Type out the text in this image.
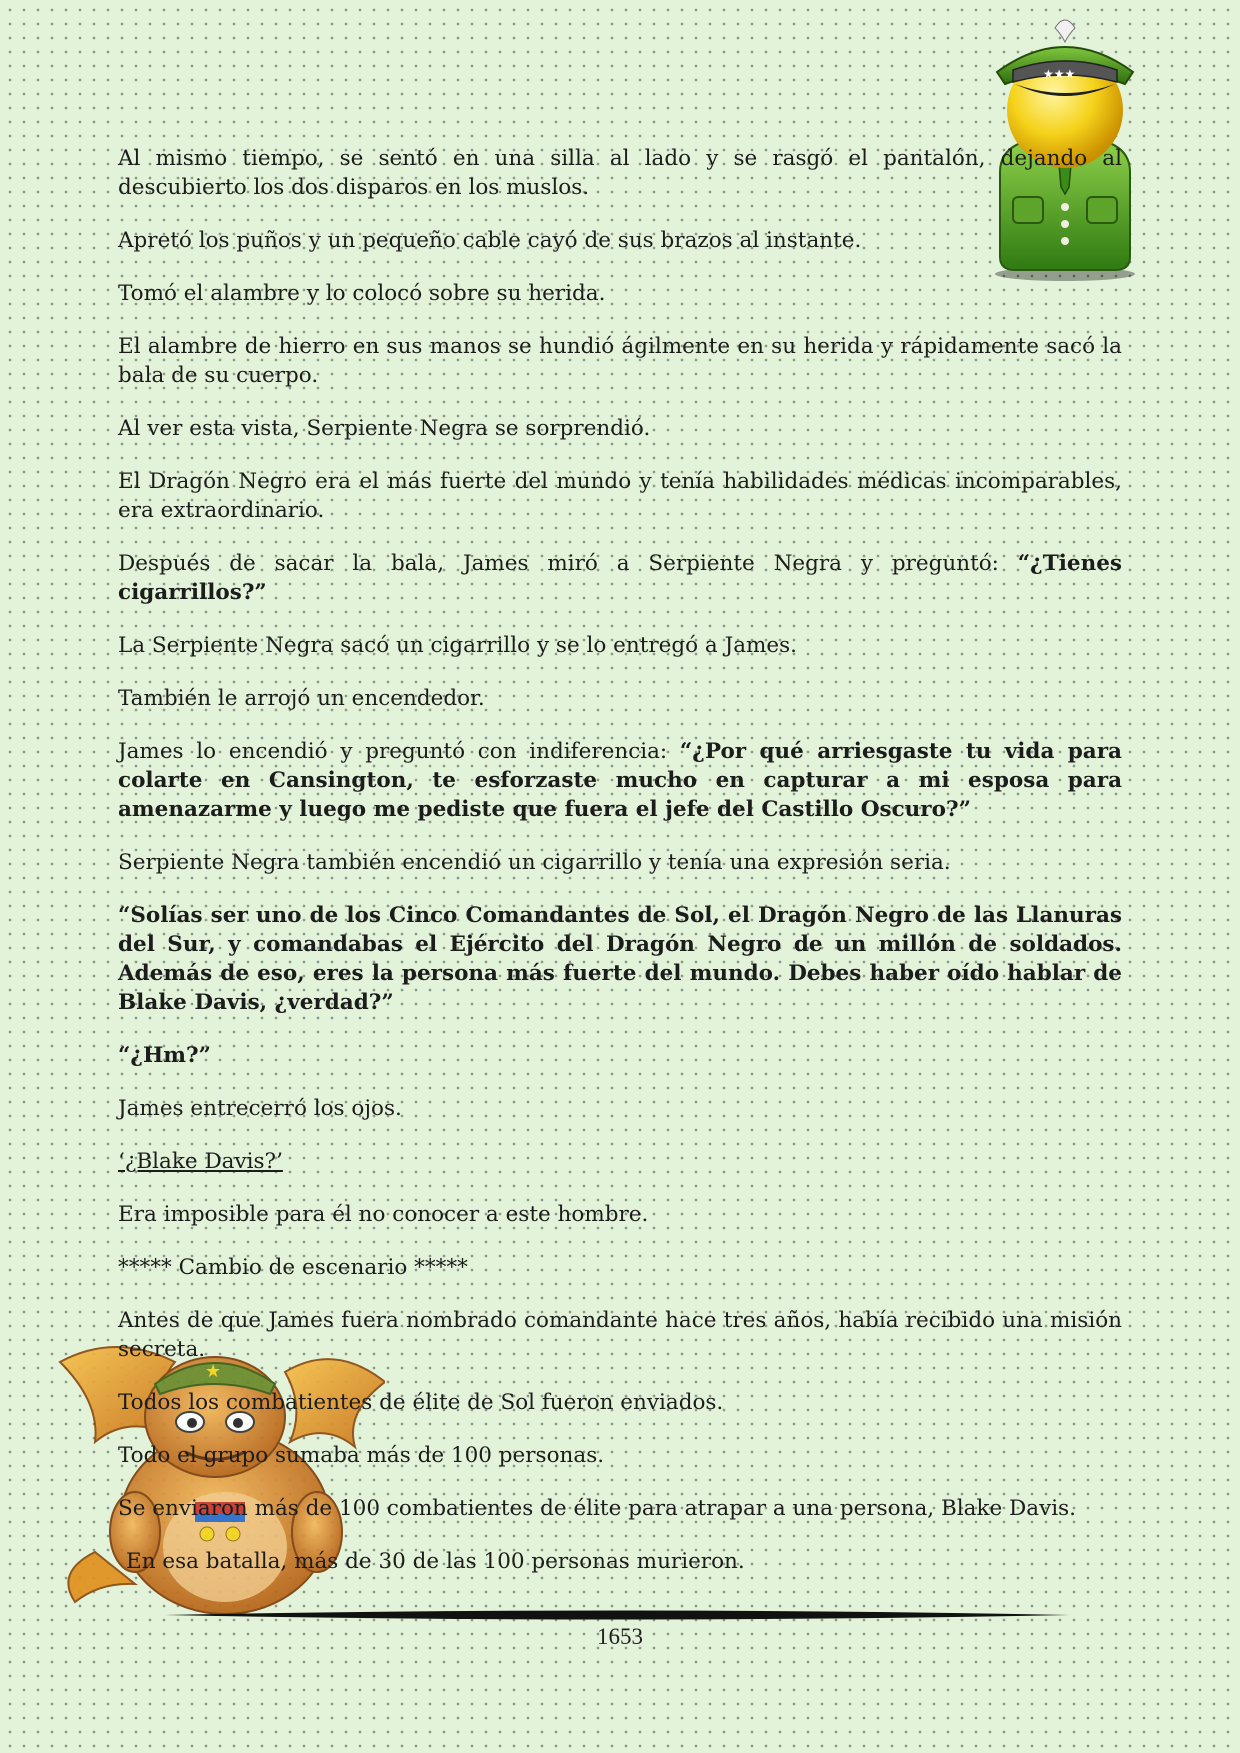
★★★
★

Al mismo tiempo, se sentó en una silla al lado y se rasgó el pantalón, dejando al descubierto los dos disparos en los muslos.

Apretó los puños y un pequeño cable cayó de sus brazos al instante.

Tomó el alambre y lo colocó sobre su herida.

El alambre de hierro en sus manos se hundió ágilmente en su herida y rápidamente sacó la bala de su cuerpo.

Al ver esta vista, Serpiente Negra se sorprendió.

El Dragón Negro era el más fuerte del mundo y tenía habilidades médicas incomparables, era extraordinario.

Después de sacar la bala, James miró a Serpiente Negra y preguntó: “¿Tienes cigarrillos?”

La Serpiente Negra sacó un cigarrillo y se lo entregó a James.

También le arrojó un encendedor.

James lo encendió y preguntó con indiferencia: “¿Por qué arriesgaste tu vida para colarte en Cansington, te esforzaste mucho en capturar a mi esposa para amenazarme y luego me pediste que fuera el jefe del Castillo Oscuro?”

Serpiente Negra también encendió un cigarrillo y tenía una expresión seria.

“Solías ser uno de los Cinco Comandantes de Sol, el Dragón Negro de las Llanuras del Sur, y comandabas el Ejército del Dragón Negro de un millón de soldados. Además de eso, eres la persona más fuerte del mundo. Debes haber oído hablar de Blake Davis, ¿verdad?”

“¿Hm?”

James entrecerró los ojos.

‘¿Blake Davis?’

Era imposible para él no conocer a este hombre.

***** Cambio de escenario *****

Antes de que James fuera nombrado comandante hace tres años, había recibido una misión secreta.

Todos los combatientes de élite de Sol fueron enviados.

Todo el grupo sumaba más de 100 personas.

Se enviaron más de 100 combatientes de élite para atrapar a una persona, Blake Davis.

En esa batalla, más de 30 de las 100 personas murieron.

1653
